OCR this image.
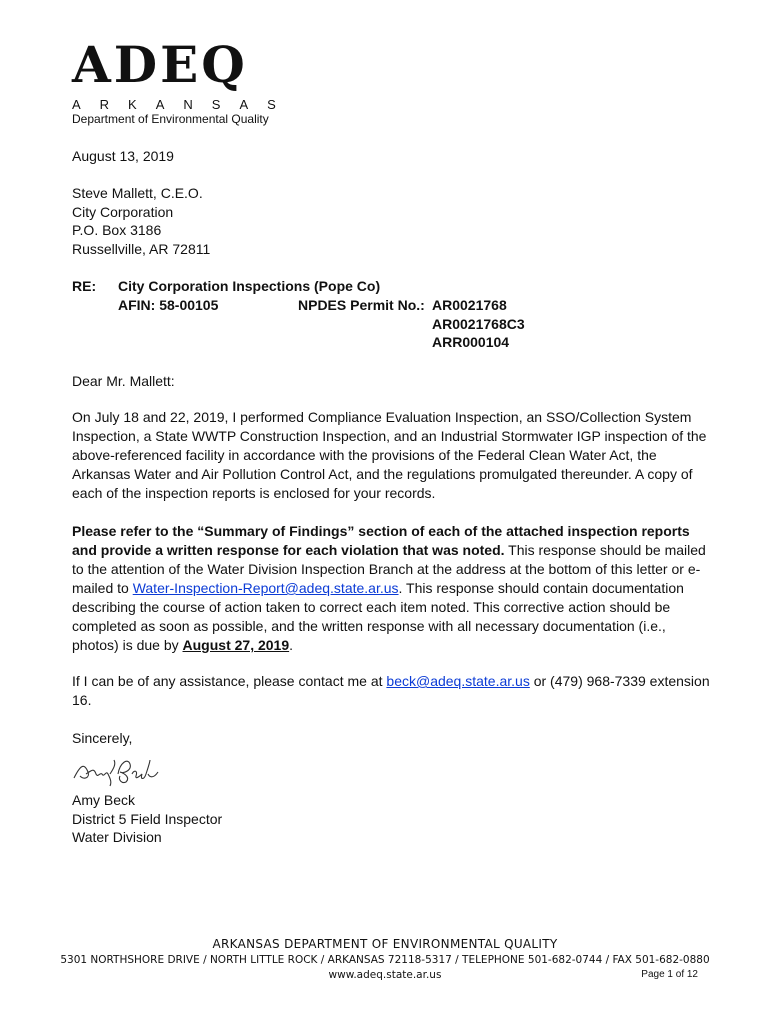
ADEQ
ARKANSAS
Department of Environmental Quality
August 13, 2019
Steve Mallett, C.E.O.
City Corporation
P.O. Box 3186
Russellville, AR 72811
RE: City Corporation Inspections (Pope Co)
AFIN: 58-00105	NPDES Permit No.: AR0021768
AR0021768C3
ARR000104
Dear Mr. Mallett:
On July 18 and 22, 2019, I performed Compliance Evaluation Inspection, an SSO/Collection System Inspection, a State WWTP Construction Inspection, and an Industrial Stormwater IGP inspection of the above-referenced facility in accordance with the provisions of the Federal Clean Water Act, the Arkansas Water and Air Pollution Control Act, and the regulations promulgated thereunder. A copy of each of the inspection reports is enclosed for your records.
Please refer to the “Summary of Findings” section of each of the attached inspection reports and provide a written response for each violation that was noted. This response should be mailed to the attention of the Water Division Inspection Branch at the address at the bottom of this letter or e-mailed to Water-Inspection-Report@adeq.state.ar.us. This response should contain documentation describing the course of action taken to correct each item noted. This corrective action should be completed as soon as possible, and the written response with all necessary documentation (i.e., photos) is due by August 27, 2019.
If I can be of any assistance, please contact me at beck@adeq.state.ar.us or (479) 968-7339 extension 16.
Sincerely,
Amy Beck
District 5 Field Inspector
Water Division
ARKANSAS DEPARTMENT OF ENVIRONMENTAL QUALITY
5301 NORTHSHORE DRIVE / NORTH LITTLE ROCK / ARKANSAS 72118-5317 / TELEPHONE 501-682-0744 / FAX 501-682-0880
www.adeq.state.ar.us	Page 1 of 12
